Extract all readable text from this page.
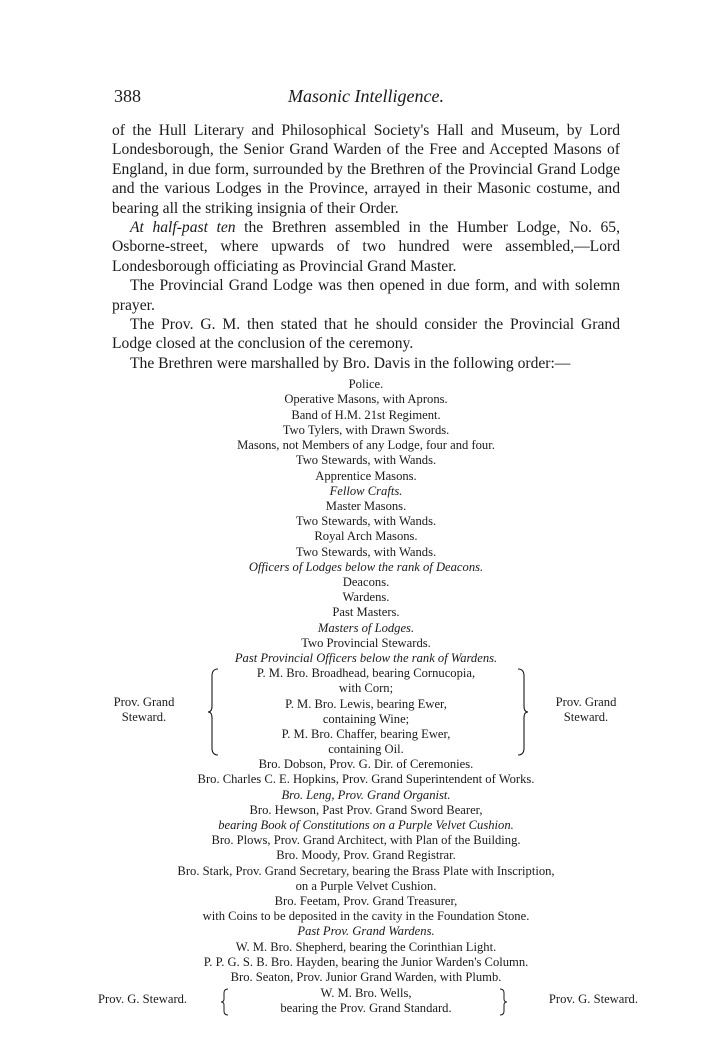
388	Masonic Intelligence.

of the Hull Literary and Philosophical Society's Hall and Museum, by Lord Londesborough, the Senior Grand Warden of the Free and Accepted Masons of England, in due form, surrounded by the Brethren of the Provincial Grand Lodge and the various Lodges in the Province, arrayed in their Masonic costume, and bearing all the striking insignia of their Order.

At half-past ten the Brethren assembled in the Humber Lodge, No. 65, Osborne-street, where upwards of two hundred were assembled,—Lord Londesborough officiating as Provincial Grand Master.

The Provincial Grand Lodge was then opened in due form, and with solemn prayer.

The Prov. G. M. then stated that he should consider the Provincial Grand Lodge closed at the conclusion of the ceremony.

The Brethren were marshalled by Bro. Davis in the following order:—

Police.
Operative Masons, with Aprons.
Band of H.M. 21st Regiment.
Two Tylers, with Drawn Swords.
Masons, not Members of any Lodge, four and four.
Two Stewards, with Wands.
Apprentice Masons.
Fellow Crafts.
Master Masons.
Two Stewards, with Wands.
Royal Arch Masons.
Two Stewards, with Wands.
Officers of Lodges below the rank of Deacons.
Deacons.
Wardens.
Past Masters.
Masters of Lodges.
Two Provincial Stewards.
Past Provincial Officers below the rank of Wardens.
Prov. Grand Steward.
P. M. Bro. Broadhead, bearing Cornucopia,
with Corn;
P. M. Bro. Lewis, bearing Ewer,
containing Wine;
P. M. Bro. Chaffer, bearing Ewer,
containing Oil.
Prov. Grand Steward.
Bro. Dobson, Prov. G. Dir. of Ceremonies.
Bro. Charles C. E. Hopkins, Prov. Grand Superintendent of Works.
Bro. Leng, Prov. Grand Organist.
Bro. Hewson, Past Prov. Grand Sword Bearer,
bearing Book of Constitutions on a Purple Velvet Cushion.
Bro. Plows, Prov. Grand Architect, with Plan of the Building.
Bro. Moody, Prov. Grand Registrar.
Bro. Stark, Prov. Grand Secretary, bearing the Brass Plate with Inscription,
on a Purple Velvet Cushion.
Bro. Feetam, Prov. Grand Treasurer,
with Coins to be deposited in the cavity in the Foundation Stone.
Past Prov. Grand Wardens.
W. M. Bro. Shepherd, bearing the Corinthian Light.
P. P. G. S. B. Bro. Hayden, bearing the Junior Warden's Column.
Bro. Seaton, Prov. Junior Grand Warden, with Plumb.
Prov. G. Steward.	W. M. Bro. Wells,
bearing the Prov. Grand Standard.
Prov. G. Steward.
